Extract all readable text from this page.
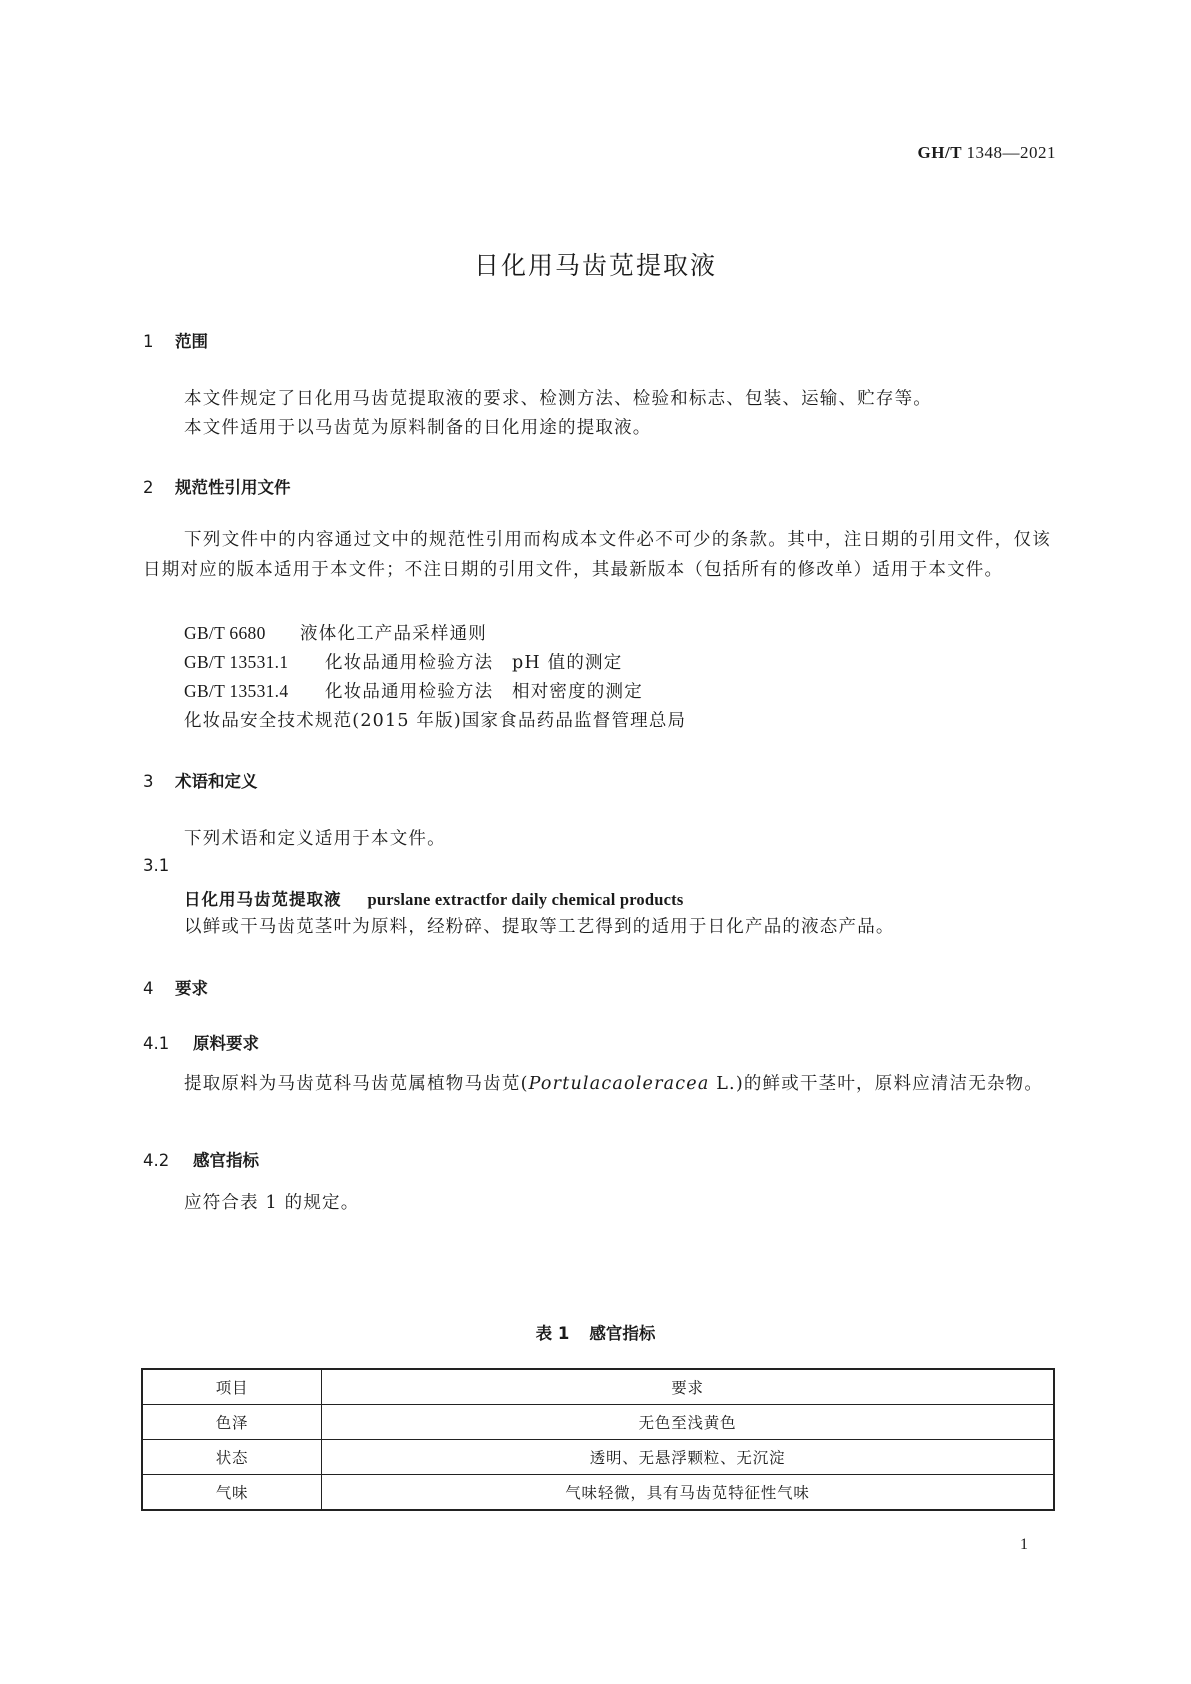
GH/T 1348—2021
日化用马齿苋提取液
1 范围
本文件规定了日化用马齿苋提取液的要求、检测方法、检验和标志、包装、运输、贮存等。
本文件适用于以马齿苋为原料制备的日化用途的提取液。
2 规范性引用文件
下列文件中的内容通过文中的规范性引用而构成本文件必不可少的条款。其中，注日期的引用文件，仅该日期对应的版本适用于本文件；不注日期的引用文件，其最新版本（包括所有的修改单）适用于本文件。
GB/T 6680 液体化工产品采样通则
GB/T 13531.1 化妆品通用检验方法　pH 值的测定
GB/T 13531.4 化妆品通用检验方法　相对密度的测定
化妆品安全技术规范(2015 年版)国家食品药品监督管理总局
3 术语和定义
下列术语和定义适用于本文件。
3.1
日化用马齿苋提取液 purslane extractfor daily chemical products
以鲜或干马齿苋茎叶为原料，经粉碎、提取等工艺得到的适用于日化产品的液态产品。
4 要求
4.1 原料要求
提取原料为马齿苋科马齿苋属植物马齿苋(Portulacaoleracea L.)的鲜或干茎叶，原料应清洁无杂物。
4.2 感官指标
应符合表 1 的规定。
表 1 感官指标
项目	要求
色泽	无色至浅黄色
状态	透明、无悬浮颗粒、无沉淀
气味	气味轻微，具有马齿苋特征性气味
1
